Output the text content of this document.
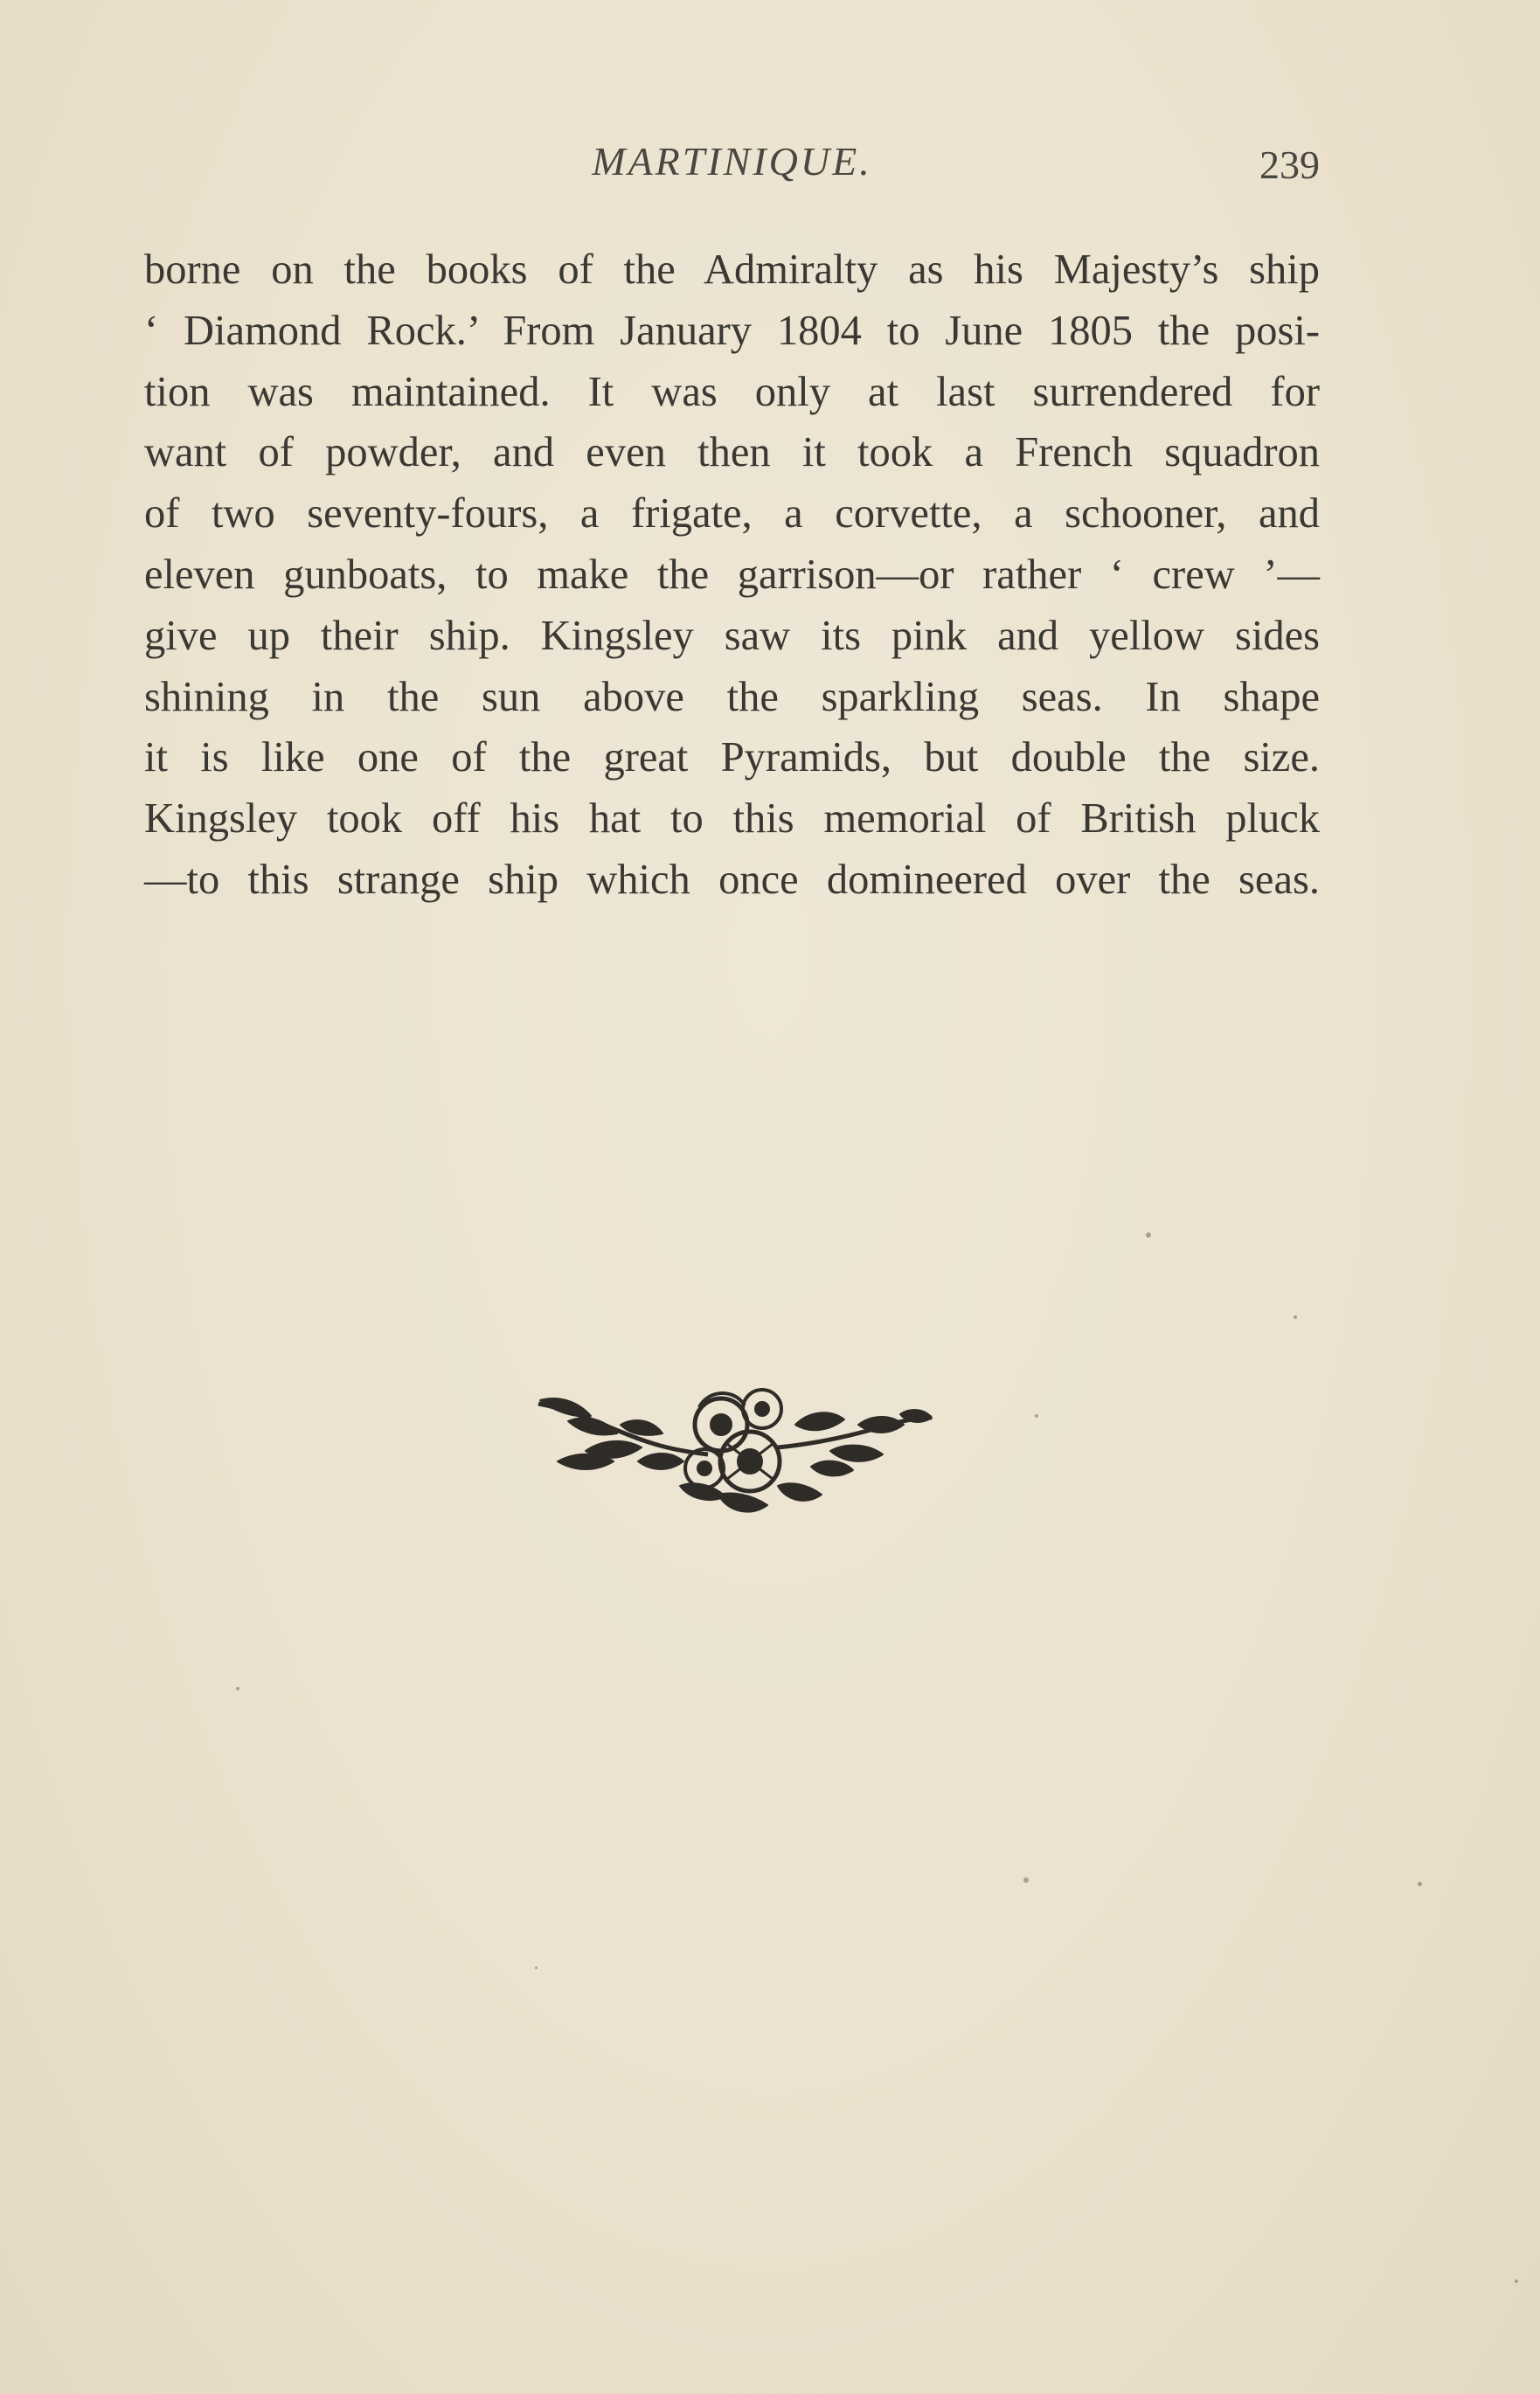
MARTINIQUE.	239
borne on the books of the Admiralty as his Majesty’s ship
‘ Diamond Rock.’ From January 1804 to June 1805 the posi-
tion was maintained. It was only at last surrendered for
want of powder, and even then it took a French squadron
of two seventy-fours, a frigate, a corvette, a schooner, and
eleven gunboats, to make the garrison—or rather ‘ crew ’—
give up their ship. Kingsley saw its pink and yellow sides
shining in the sun above the sparkling seas. In shape
it is like one of the great Pyramids, but double the size.
Kingsley took off his hat to this memorial of British pluck
—to this strange ship which once domineered over the seas.
